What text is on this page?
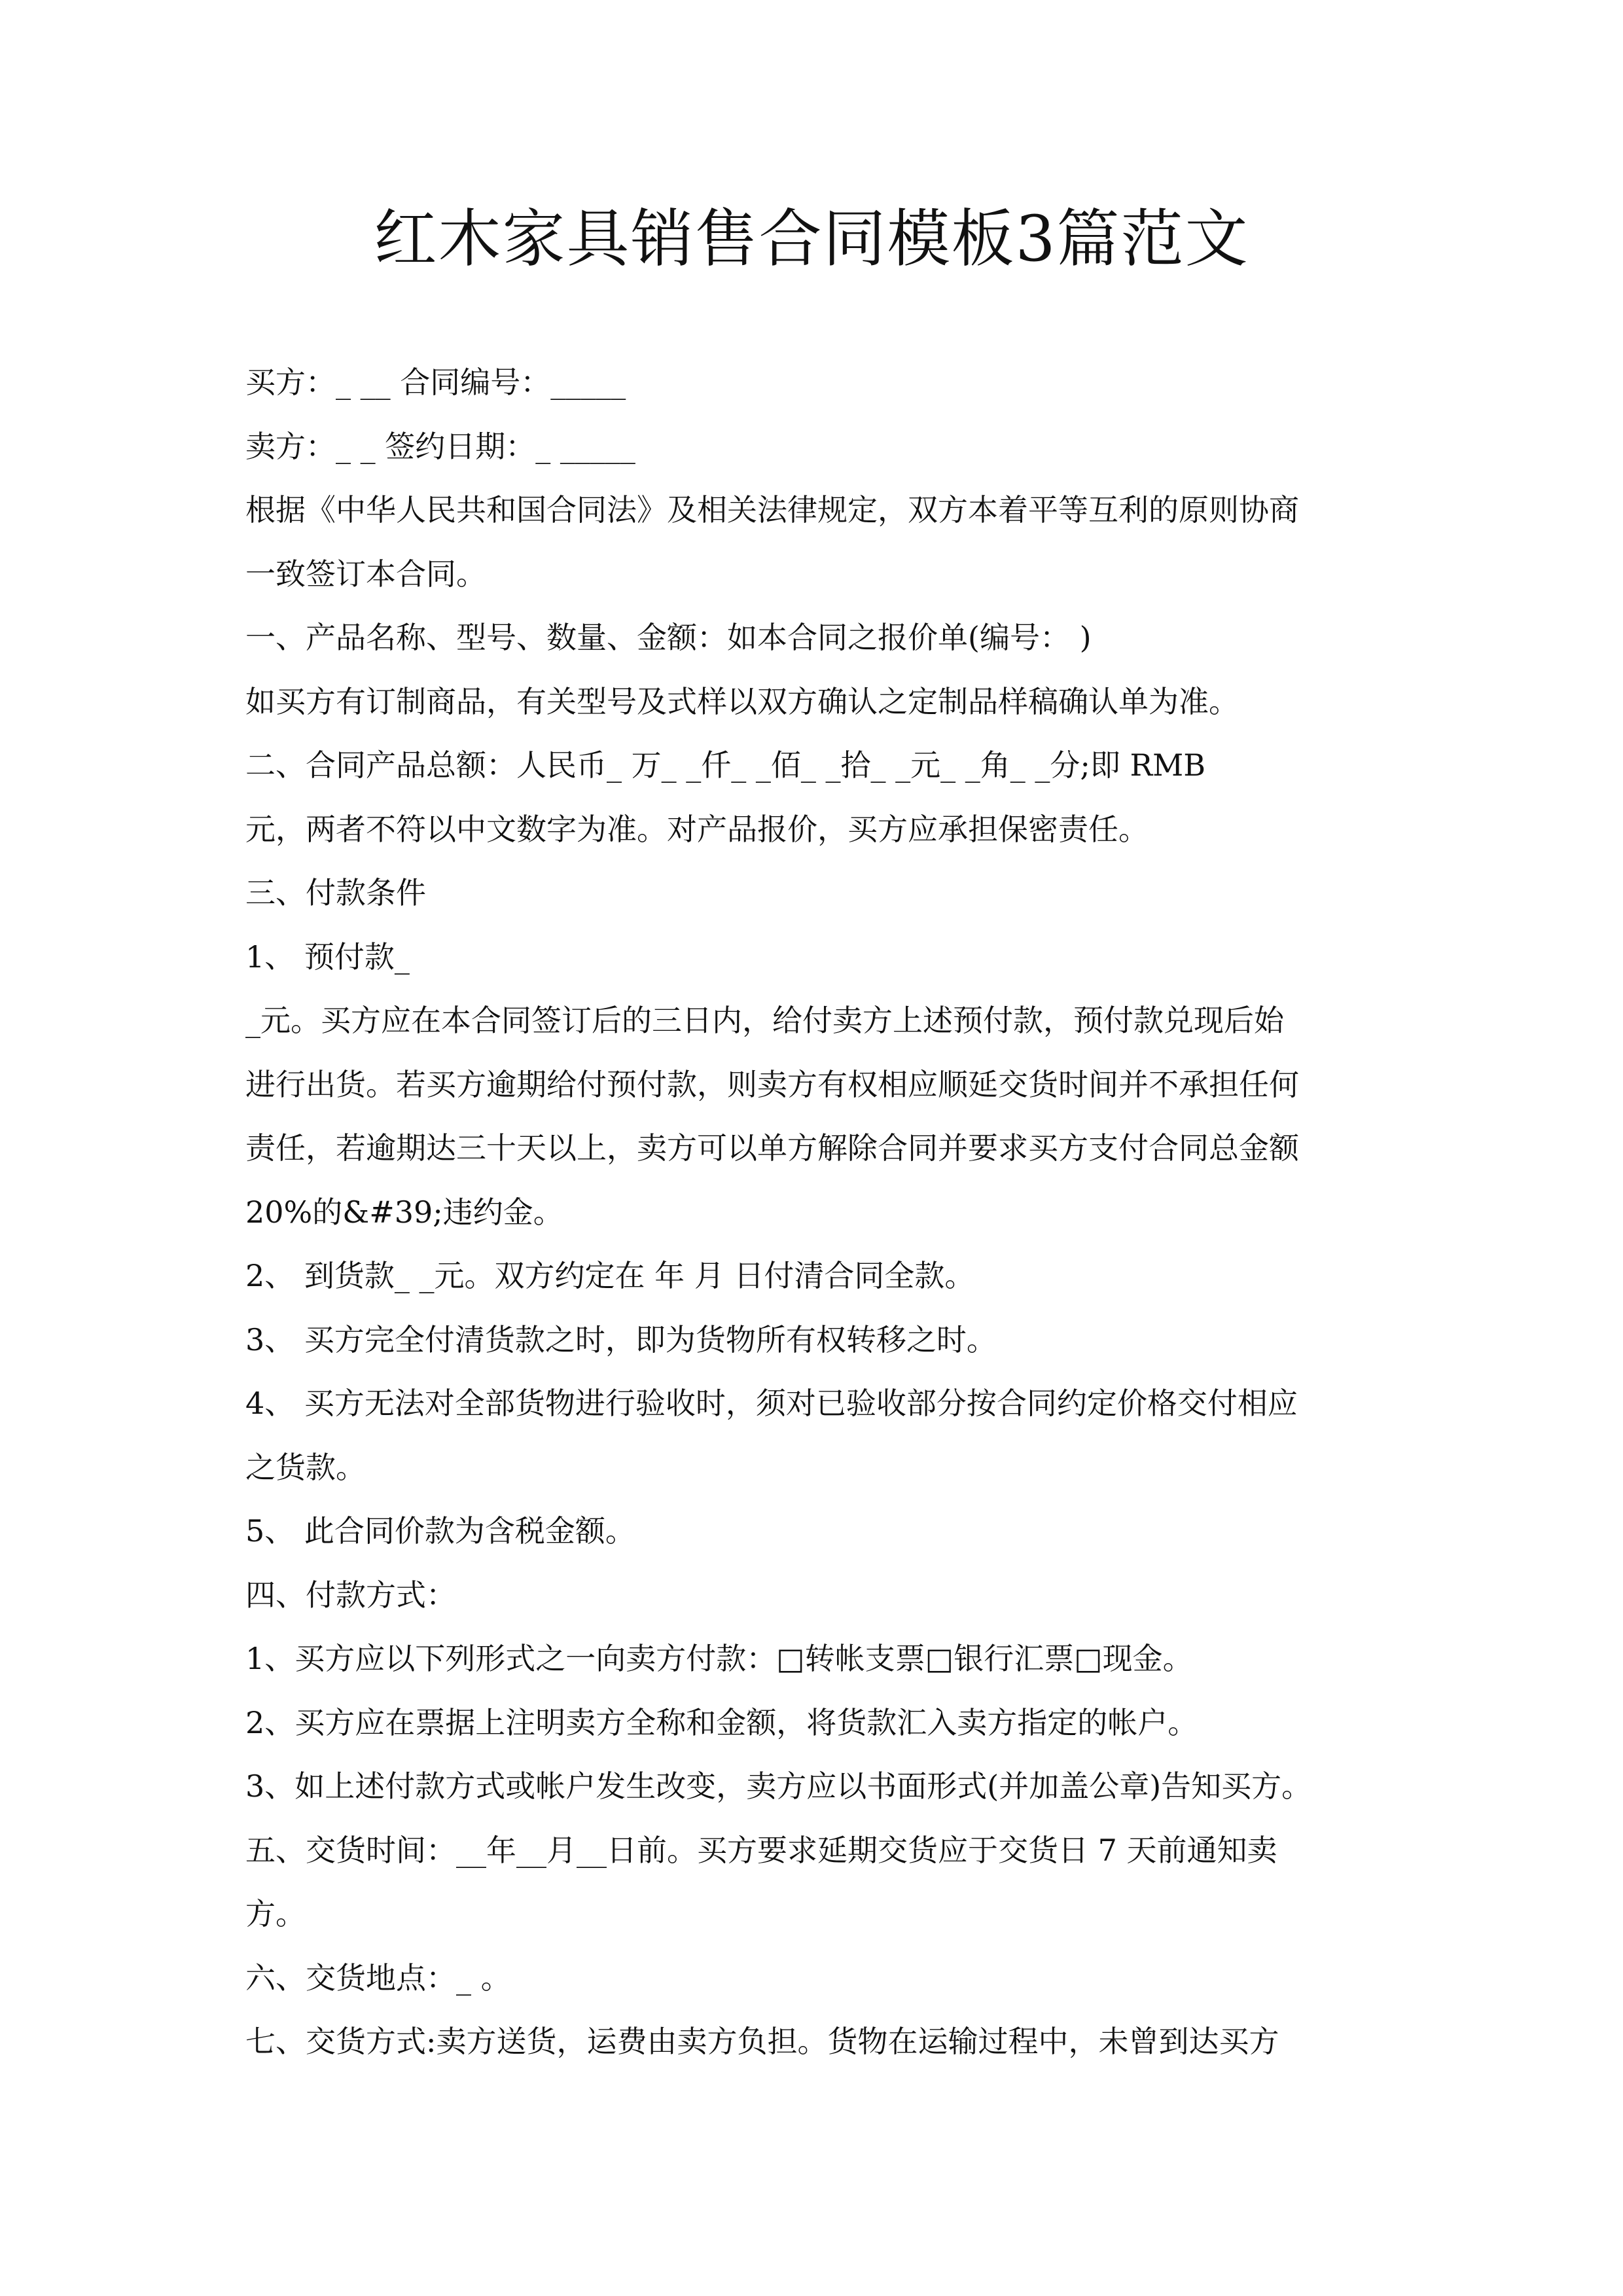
红木家具销售合同模板3篇范文

买方：_ __ 合同编号：_____

卖方：_ _ 签约日期：_ _____

根据《中华人民共和国合同法》及相关法律规定，双方本着平等互利的原则协商

一致签订本合同。

一、产品名称、型号、数量、金额：如本合同之报价单(编号： )

如买方有订制商品，有关型号及式样以双方确认之定制品样稿确认单为准。

二、合同产品总额：人民币_ 万_ _仟_ _佰_ _拾_ _元_ _角_ _分;即 RMB

元，两者不符以中文数字为准。对产品报价，买方应承担保密责任。

三、付款条件

1、 预付款_

_元。买方应在本合同签订后的三日内，给付卖方上述预付款，预付款兑现后始

进行出货。若买方逾期给付预付款，则卖方有权相应顺延交货时间并不承担任何

责任，若逾期达三十天以上，卖方可以单方解除合同并要求买方支付合同总金额

20%的&#39;违约金。

2、 到货款_ _元。双方约定在 年 月 日付清合同全款。

3、 买方完全付清货款之时，即为货物所有权转移之时。

4、 买方无法对全部货物进行验收时，须对已验收部分按合同约定价格交付相应

之货款。

5、 此合同价款为含税金额。

四、付款方式：

1、买方应以下列形式之一向卖方付款：□转帐支票□银行汇票□现金。

2、买方应在票据上注明卖方全称和金额，将货款汇入卖方指定的帐户。

3、如上述付款方式或帐户发生改变，卖方应以书面形式(并加盖公章)告知买方。

五、交货时间：__年__月__日前。买方要求延期交货应于交货日 7 天前通知卖

方。

六、交货地点：_ 。

七、交货方式:卖方送货，运费由卖方负担。货物在运输过程中，未曾到达买方
